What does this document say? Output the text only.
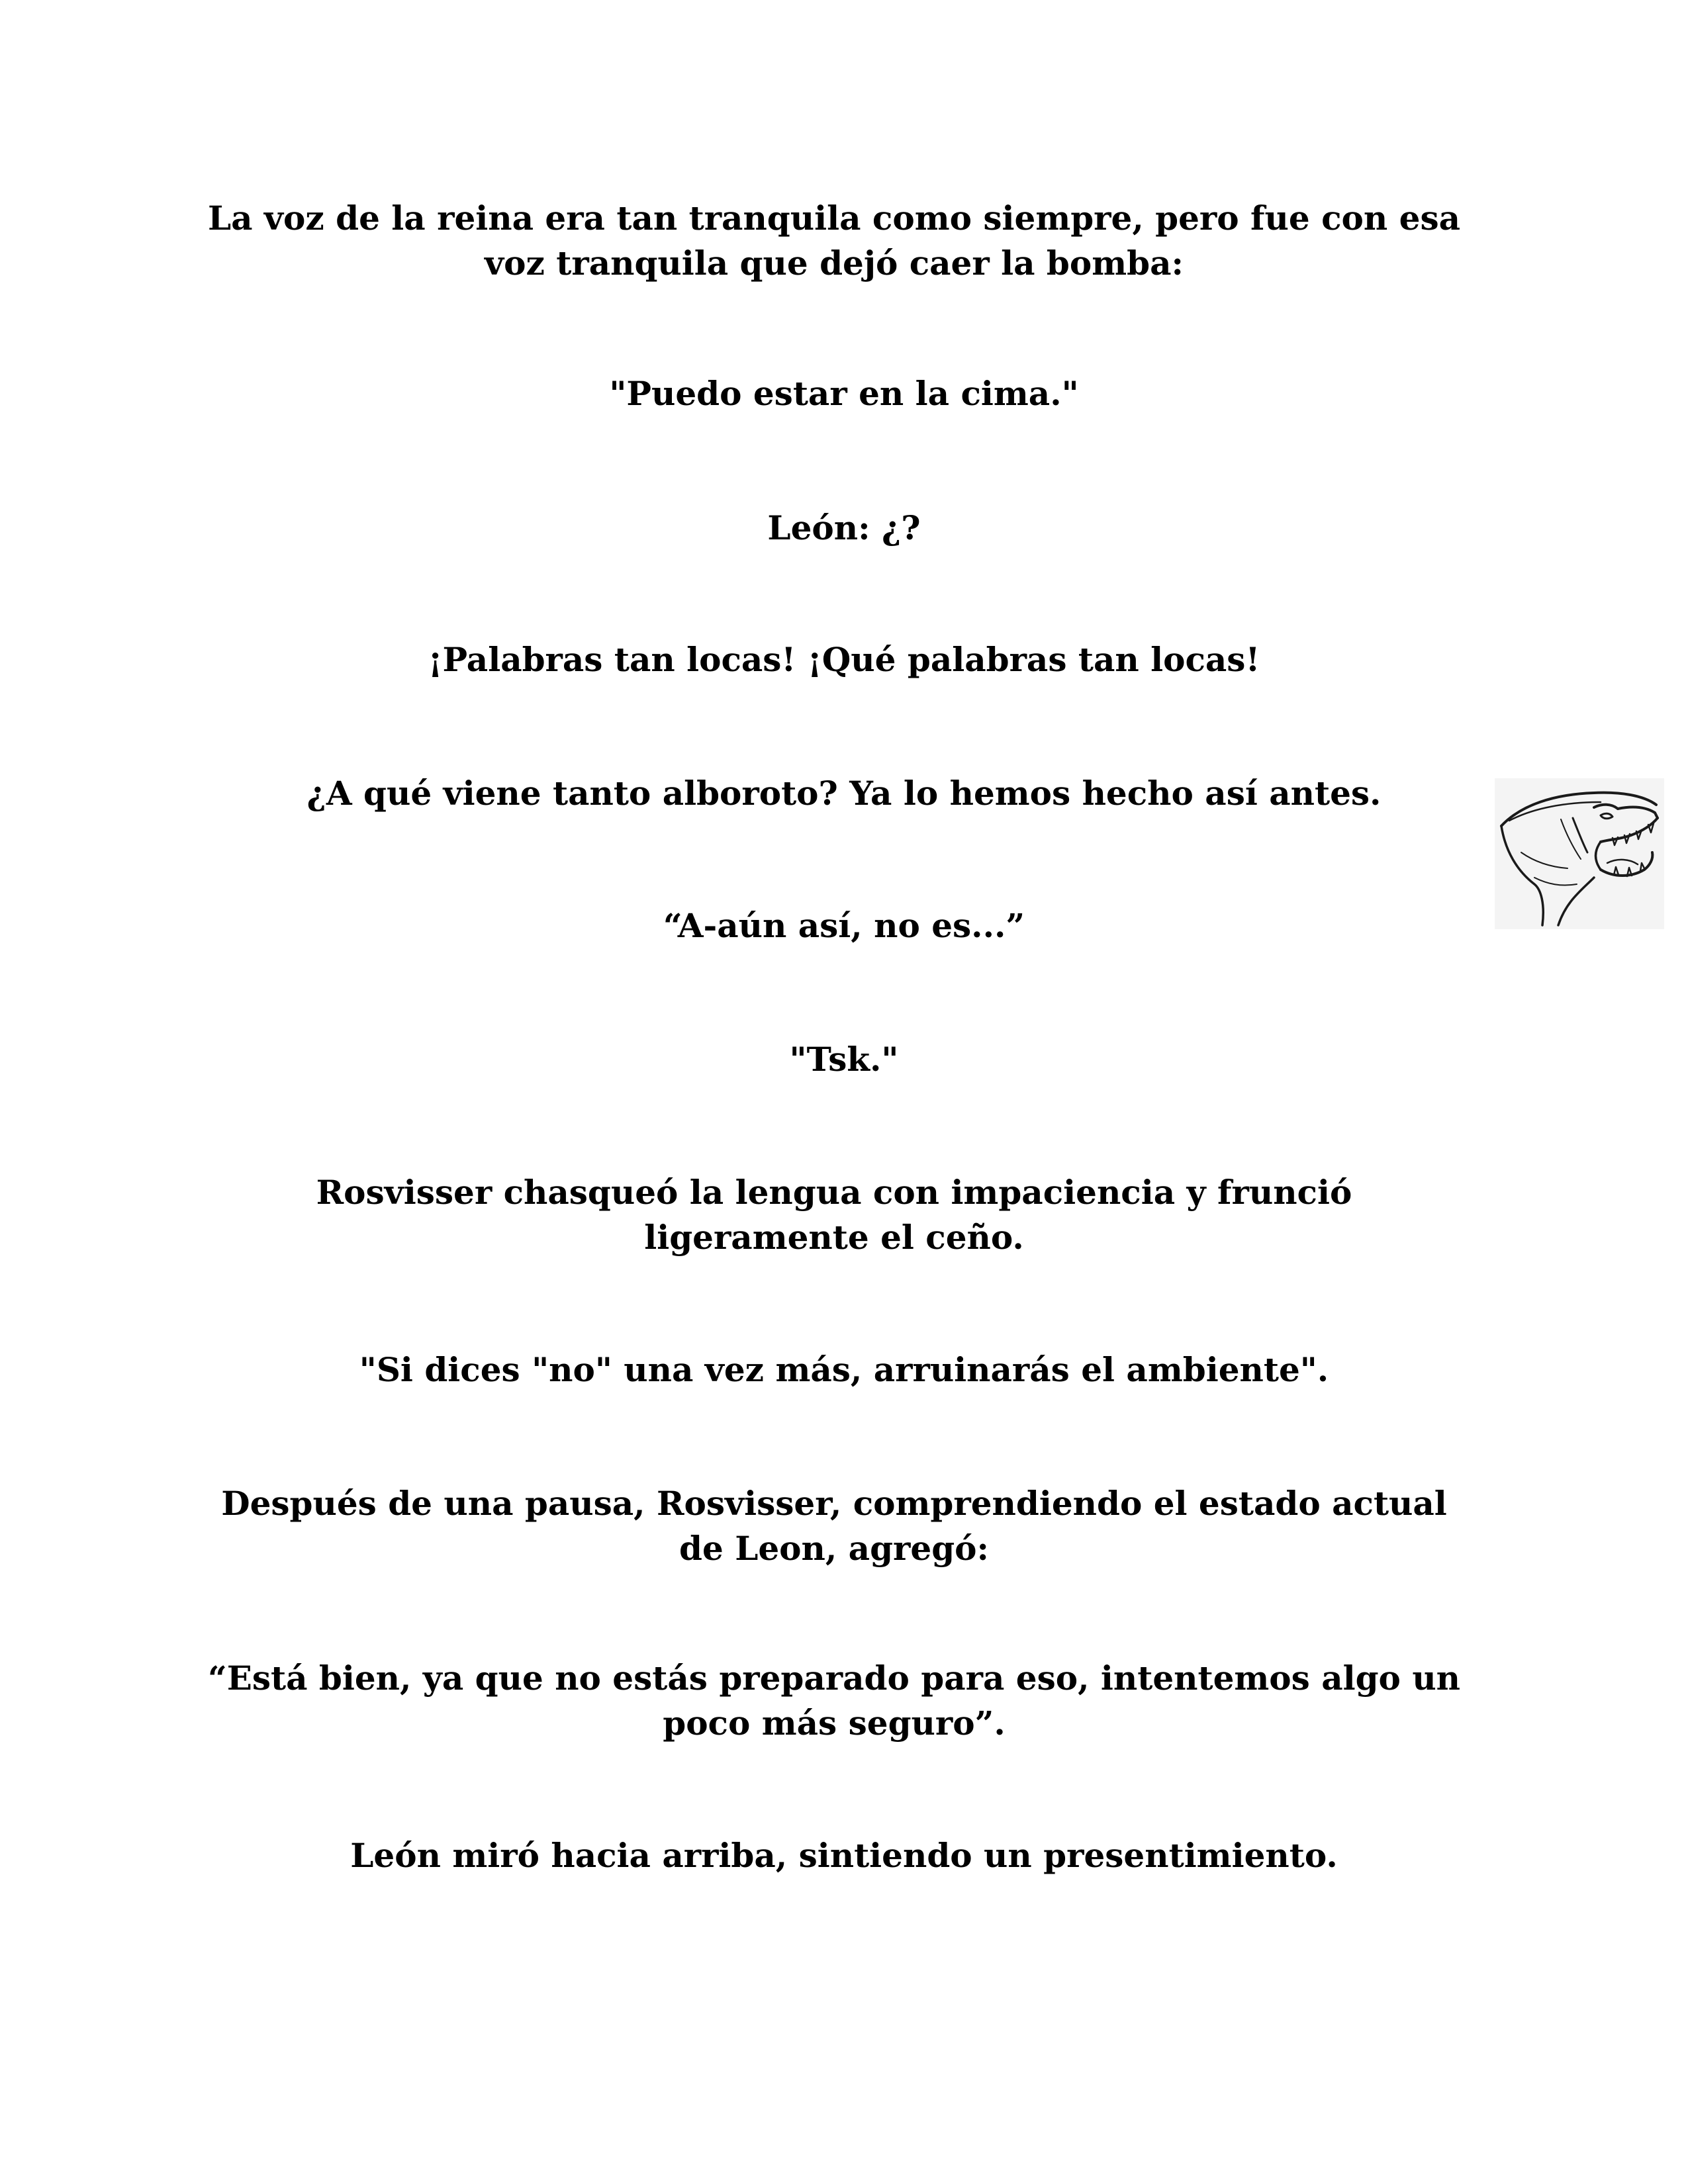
La voz de la reina era tan tranquila como siempre, pero fue con esa voz tranquila que dejó caer la bomba:

"Puedo estar en la cima."

León: ¿?

¡Palabras tan locas! ¡Qué palabras tan locas!

¿A qué viene tanto alboroto? Ya lo hemos hecho así antes.

“A-aún así, no es...”

"Tsk."

Rosvisser chasqueó la lengua con impaciencia y frunció ligeramente el ceño.

"Si dices "no" una vez más, arruinarás el ambiente".

Después de una pausa, Rosvisser, comprendiendo el estado actual de Leon, agregó:

“Está bien, ya que no estás preparado para eso, intentemos algo un poco más seguro”.

León miró hacia arriba, sintiendo un presentimiento.
